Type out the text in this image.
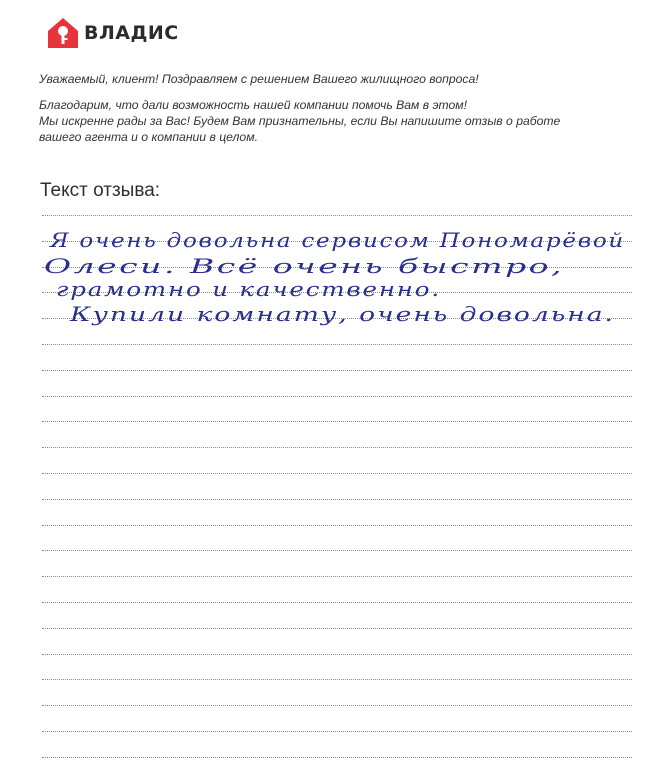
ВЛАДИС

Уважаемый, клиент! Поздравляем с решением Вашего жилищного вопроса!

Благодарим, что дали возможность нашей компании помочь Вам в этом!

Мы искренне рады за Вас! Будем Вам признательны, если Вы напишите отзыв о работе

вашего агента и о компании в целом.

Текст отзыва:
Я очень довольна сервисом Пономарёвой
Олеси. Всё очень быстро,
грамотно и качественно.
Купили комнату, очень довольна.
